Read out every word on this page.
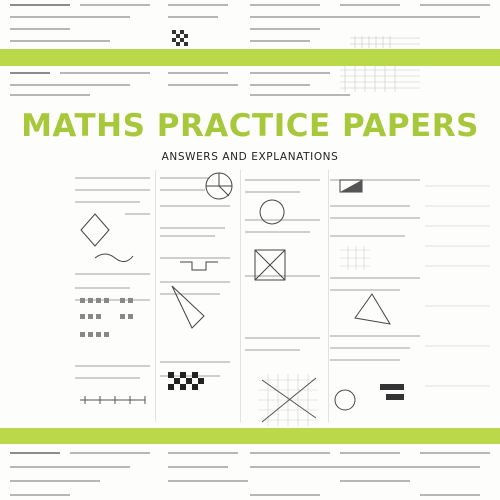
MATHS PRACTICE PAPERS
ANSWERS AND EXPLANATIONS
